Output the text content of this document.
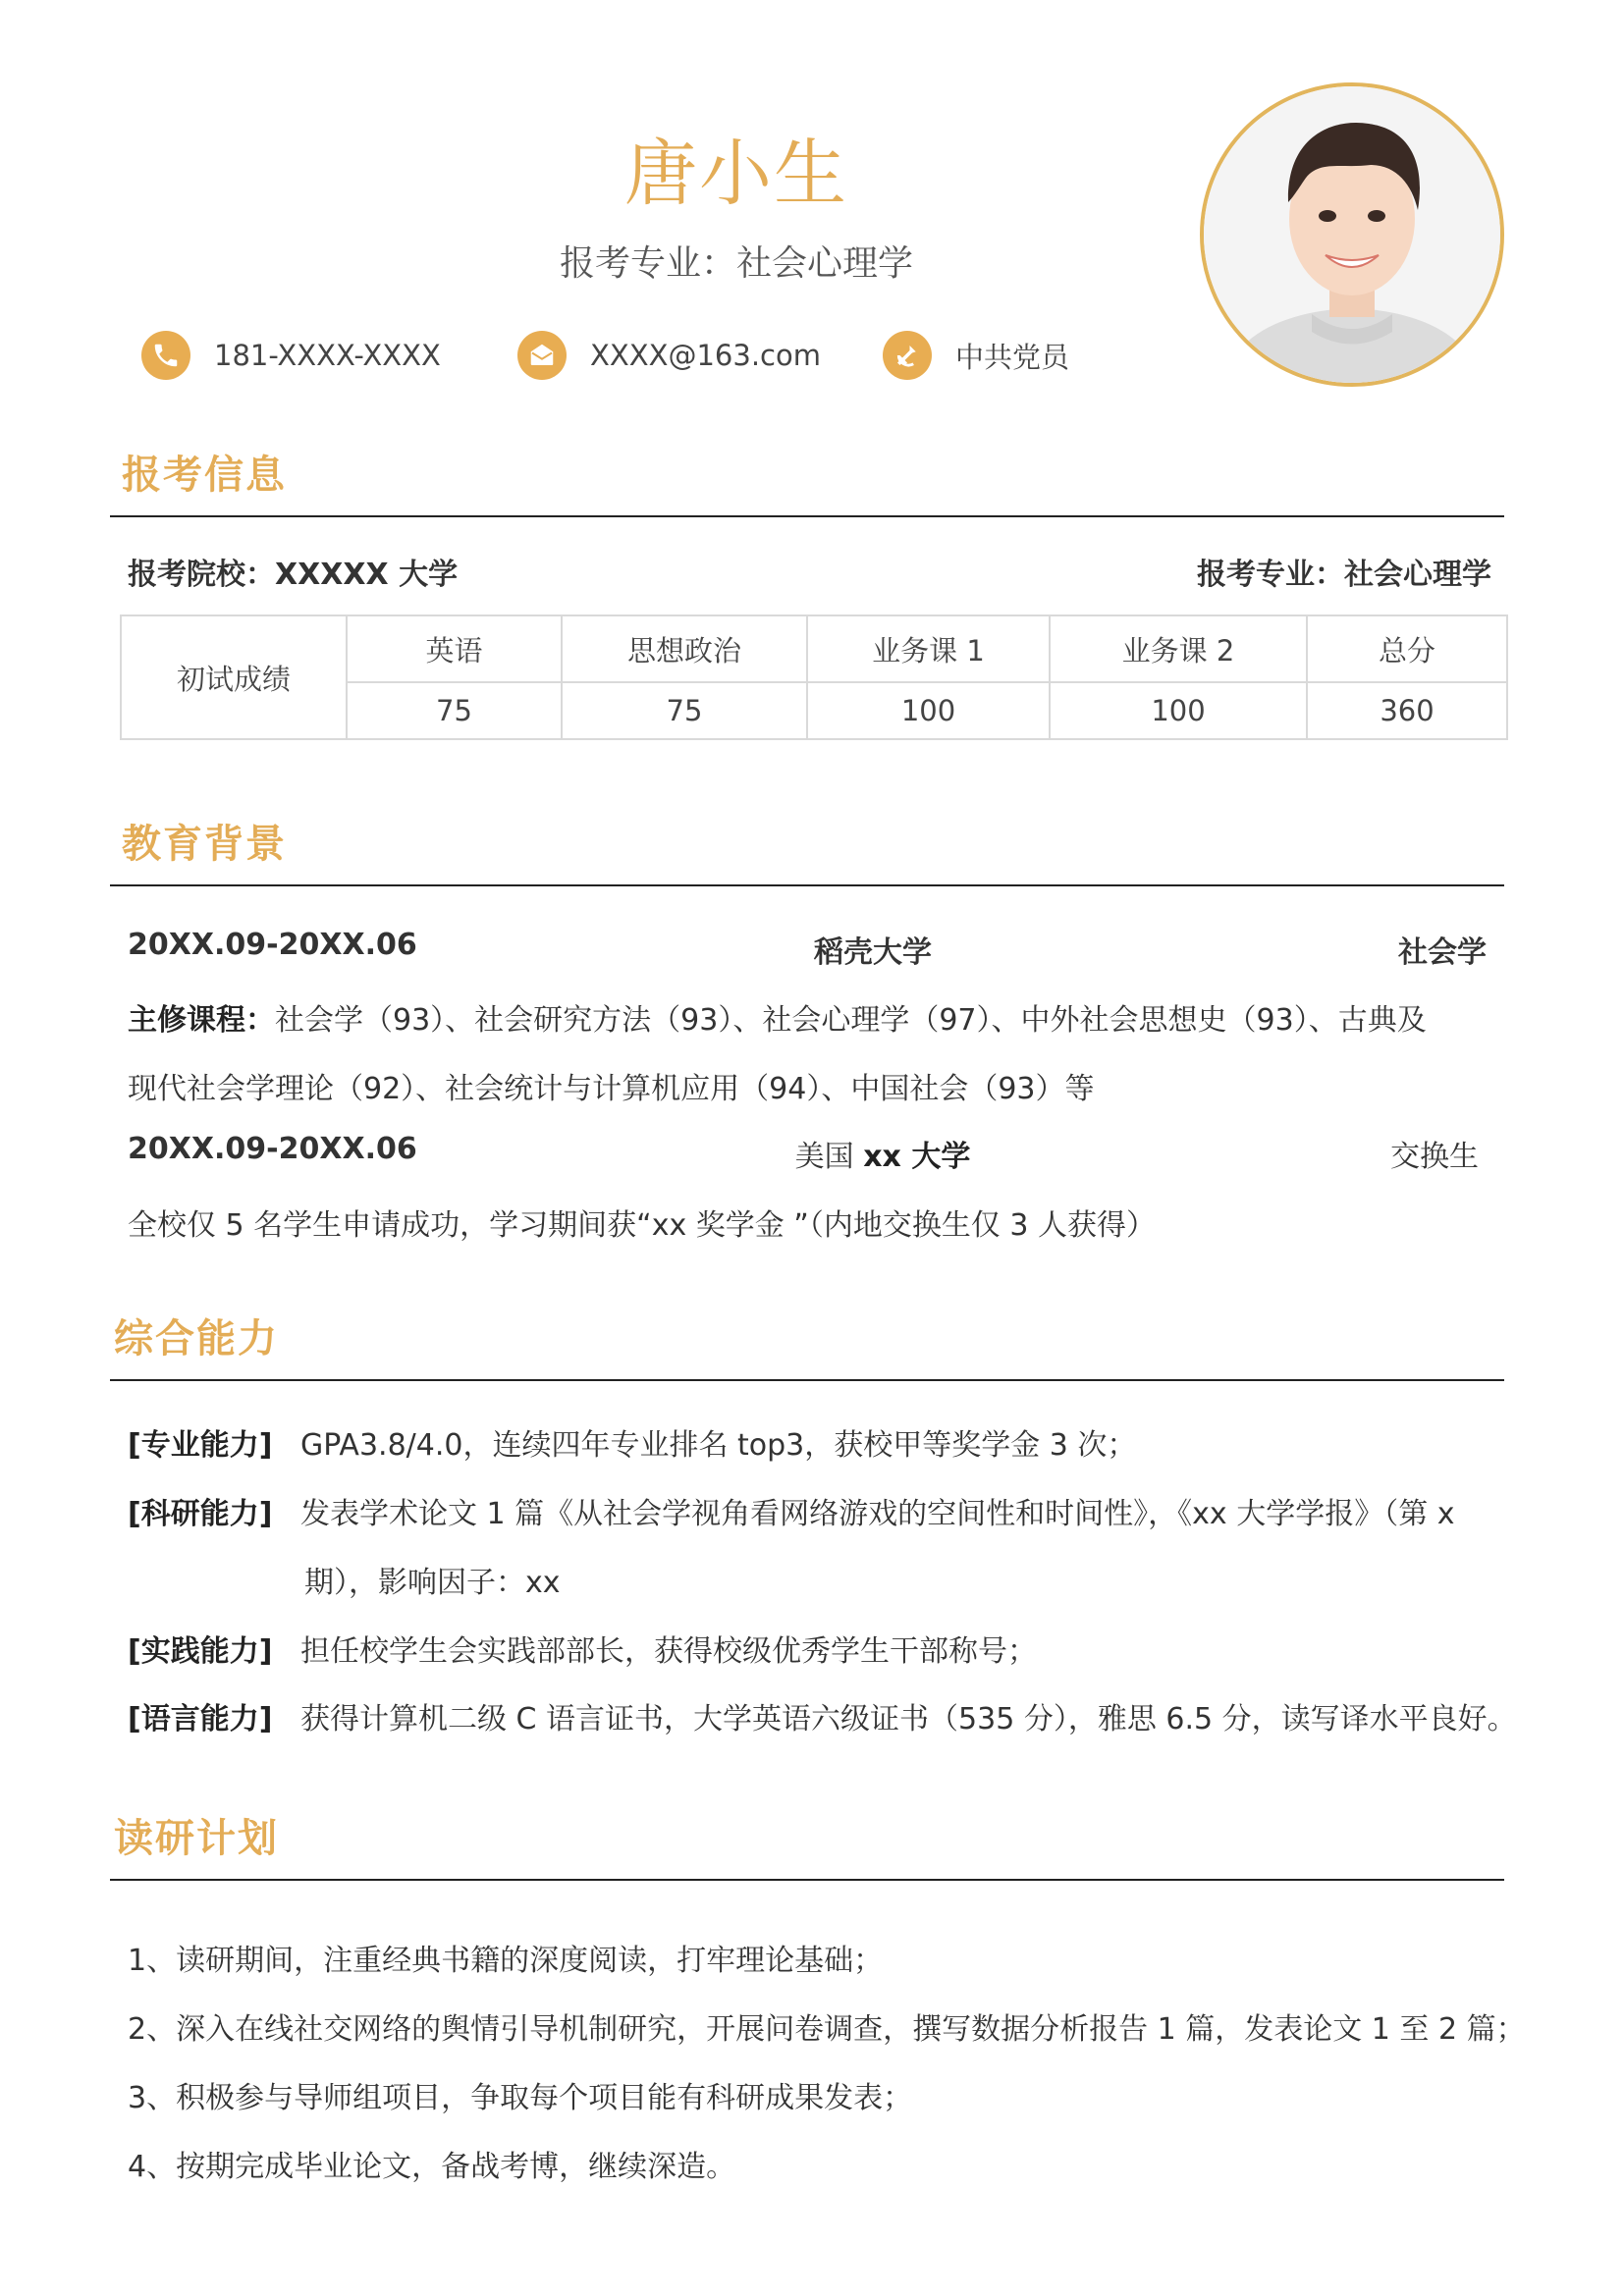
唐小生
报考专业：社会心理学
181-XXXX-XXXX	XXXX@163.com	中共党员
报考信息
报考院校：XXXXX 大学	报考专业：社会心理学
初试成绩	英语	思想政治	业务课 1	业务课 2	总分
	75	75	100	100	360
教育背景
20XX.09-20XX.06	稻壳大学	社会学
主修课程：社会学（93）、社会研究方法（93）、社会心理学（97）、中外社会思想史（93）、古典及
现代社会学理论（92）、社会统计与计算机应用（94）、中国社会（93）等
20XX.09-20XX.06	美国 xx 大学	交换生
全校仅 5 名学生申请成功，学习期间获“xx 奖学金 ”（内地交换生仅 3 人获得）
综合能力
[专业能力] GPA3.8/4.0，连续四年专业排名 top3，获校甲等奖学金 3 次；
[科研能力] 发表学术论文 1 篇《从社会学视角看网络游戏的空间性和时间性》，《xx 大学学报》（第 x
期），影响因子：xx
[实践能力] 担任校学生会实践部部长，获得校级优秀学生干部称号；
[语言能力] 获得计算机二级 C 语言证书，大学英语六级证书（535 分），雅思 6.5 分，读写译水平良好。
读研计划
1、读研期间，注重经典书籍的深度阅读，打牢理论基础；
2、深入在线社交网络的舆情引导机制研究，开展问卷调查，撰写数据分析报告 1 篇，发表论文 1 至 2 篇；
3、积极参与导师组项目，争取每个项目能有科研成果发表；
4、按期完成毕业论文，备战考博，继续深造。
